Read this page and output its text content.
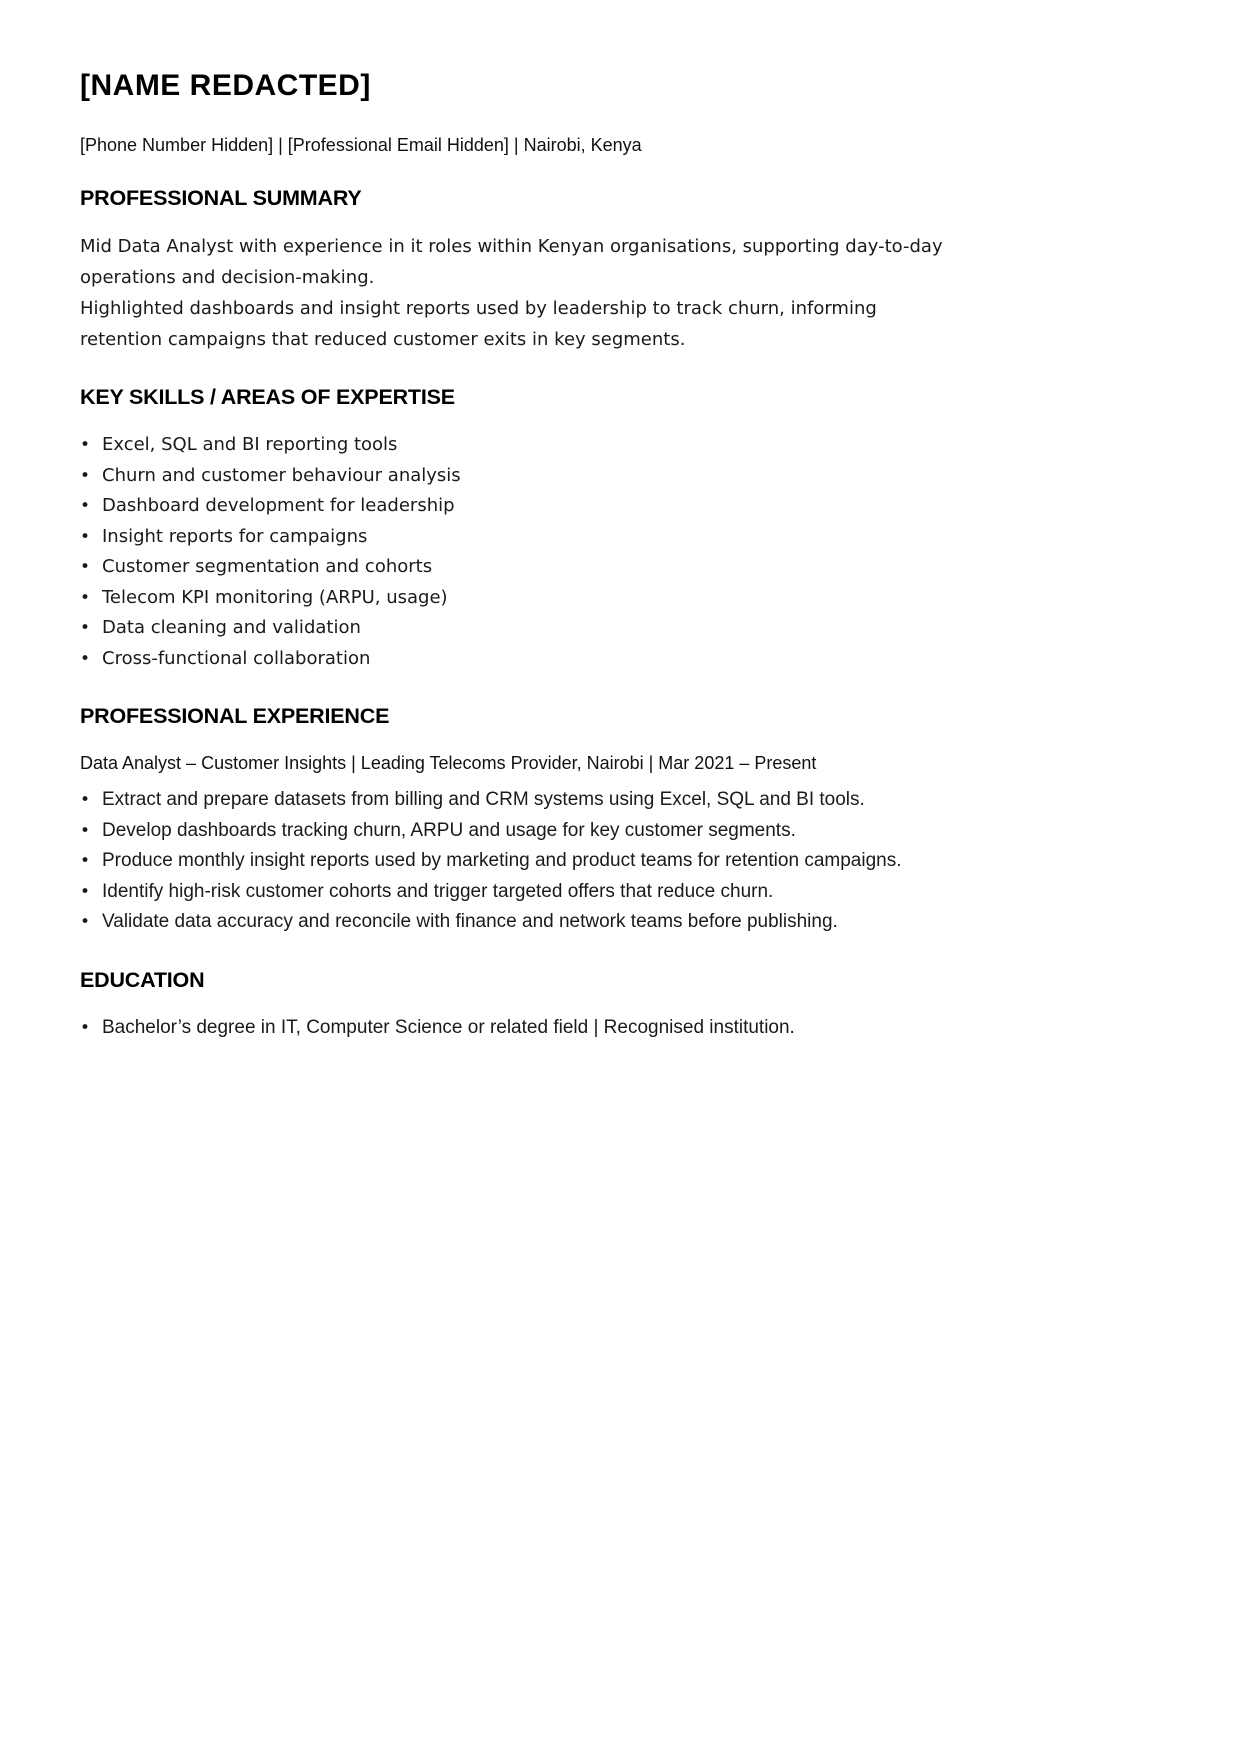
[NAME REDACTED]

[Phone Number Hidden] | [Professional Email Hidden] | Nairobi, Kenya

PROFESSIONAL SUMMARY

Mid Data Analyst with experience in it roles within Kenyan organisations, supporting day-to-day

operations and decision-making.

Highlighted dashboards and insight reports used by leadership to track churn, informing

retention campaigns that reduced customer exits in key segments.

KEY SKILLS / AREAS OF EXPERTISE
• Excel, SQL and BI reporting tools
• Churn and customer behaviour analysis
• Dashboard development for leadership
• Insight reports for campaigns
• Customer segmentation and cohorts
• Telecom KPI monitoring (ARPU, usage)
• Data cleaning and validation
• Cross-functional collaboration
PROFESSIONAL EXPERIENCE

Data Analyst – Customer Insights | Leading Telecoms Provider, Nairobi | Mar 2021 – Present

• Extract and prepare datasets from billing and CRM systems using Excel, SQL and BI tools.
• Develop dashboards tracking churn, ARPU and usage for key customer segments.
• Produce monthly insight reports used by marketing and product teams for retention campaigns.
• Identify high-risk customer cohorts and trigger targeted offers that reduce churn.
• Validate data accuracy and reconcile with finance and network teams before publishing.
EDUCATION
• Bachelor’s degree in IT, Computer Science or related field | Recognised institution.
